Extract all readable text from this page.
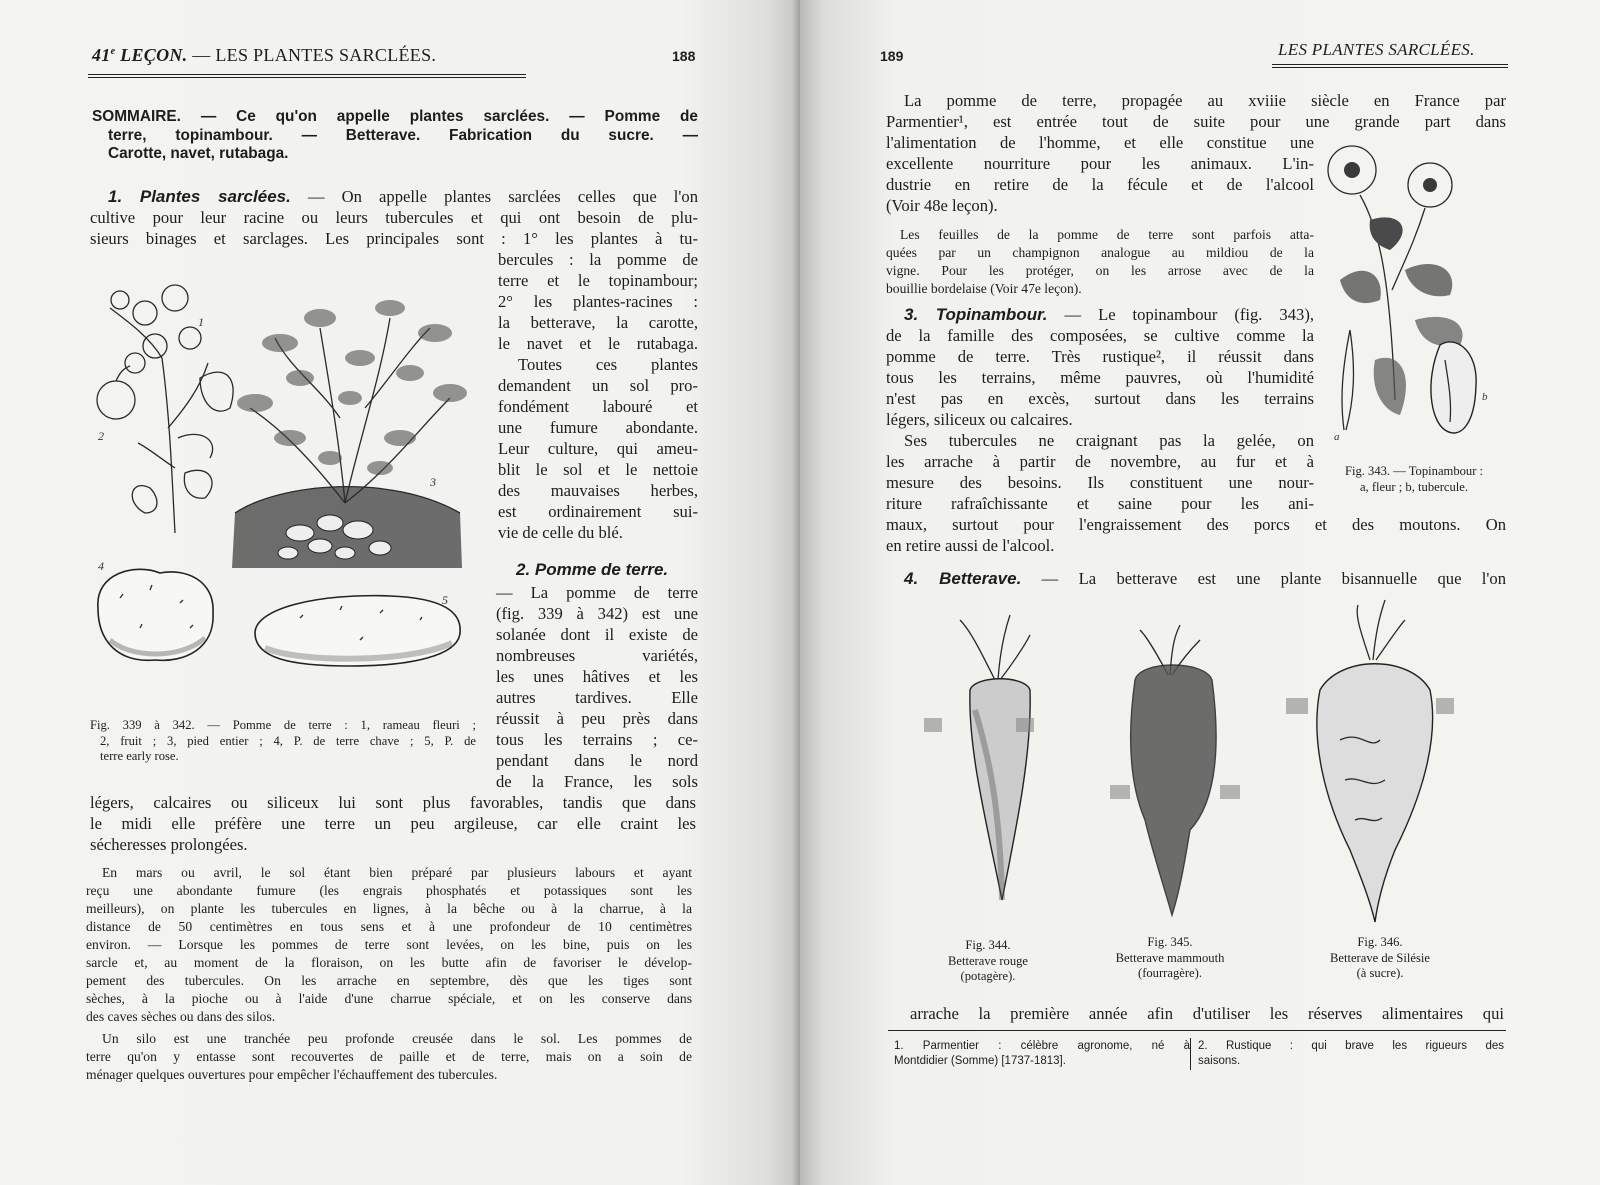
41e LEÇON. — LES PLANTES SARCLÉES.	188
SOMMAIRE. — Ce qu'on appelle plantes sarclées. — Pomme de
terre, topinambour. — Betterave. Fabrication du sucre. —
Carotte, navet, rutabaga.
1. Plantes sarclées. — On appelle plantes sarclées celles que l'on
cultive pour leur racine ou leurs tubercules et qui ont besoin de plu-
sieurs binages et sarclages. Les principales sont : 1° les plantes à tu-
bercules : la pomme de
terre et le topinambour;
2° les plantes-racines :
la betterave, la carotte,
le navet et le rutabaga.
Toutes ces plantes
demandent un sol pro-
fondément labouré et
une fumure abondante.
Leur culture, qui ameu-
blit le sol et le nettoie
des mauvaises herbes,
est ordinairement sui-
vie de celle du blé.
2. Pomme de terre.
— La pomme de terre
(fig. 339 à 342) est une
solanée dont il existe de
nombreuses variétés,
les unes hâtives et les
autres tardives. Elle
réussit à peu près dans
tous les terrains ; ce-
pendant dans le nord
de la France, les sols
légers, calcaires ou siliceux lui sont plus favorables, tandis que dans
le midi elle préfère une terre un peu argileuse, car elle craint les
sécheresses prolongées.
1
2
3
4
5
Fig. 339 à 342. — Pomme de terre : 1, rameau fleuri ;
2, fruit ; 3, pied entier ; 4, P. de terre chave ; 5, P. de
terre early rose.
En mars ou avril, le sol étant bien préparé par plusieurs labours et ayant
reçu une abondante fumure (les engrais phosphatés et potassiques sont les
meilleurs), on plante les tubercules en lignes, à la bêche ou à la charrue, à la
distance de 50 centimètres en tous sens et à une profondeur de 10 centimètres
environ. — Lorsque les pommes de terre sont levées, on les bine, puis on les
sarcle et, au moment de la floraison, on les butte afin de favoriser le dévelop-
pement des tubercules. On les arrache en septembre, dès que les tiges sont
sèches, à la pioche ou à l'aide d'une charrue spéciale, et on les conserve dans
des caves sèches ou dans des silos.
Un silo est une tranchée peu profonde creusée dans le sol. Les pommes de
terre qu'on y entasse sont recouvertes de paille et de terre, mais on a soin de
ménager quelques ouvertures pour empêcher l'échauffement des tubercules.
189	LES PLANTES SARCLÉES.
La pomme de terre, propagée au xviiie siècle en France par
Parmentier¹, est entrée tout de suite pour une grande part dans
l'alimentation de l'homme, et elle constitue une
excellente nourriture pour les animaux. L'in-
dustrie en retire de la fécule et de l'alcool
(Voir 48e leçon).
Les feuilles de la pomme de terre sont parfois atta-
quées par un champignon analogue au mildiou de la
vigne. Pour les protéger, on les arrose avec de la
bouillie bordelaise (Voir 47e leçon).
3. Topinambour. — Le topinambour (fig. 343),
de la famille des composées, se cultive comme la
pomme de terre. Très rustique², il réussit dans
tous les terrains, même pauvres, où l'humidité
n'est pas en excès, surtout dans les terrains
légers, siliceux ou calcaires.
Ses tubercules ne craignant pas la gelée, on
les arrache à partir de novembre, au fur et à
mesure des besoins. Ils constituent une nour-
riture rafraîchissante et saine pour les ani-
maux, surtout pour l'engraissement des porcs et des moutons. On
en retire aussi de l'alcool.
a
b
Fig. 343. — Topinambour :
a, fleur ; b, tubercule.
4. Betterave. — La betterave est une plante bisannuelle que l'on
Fig. 344.
Betterave rouge
(potagère).
Fig. 345.
Betterave mammouth
(fourragère).
Fig. 346.
Betterave de Silésie
(à sucre).
arrache la première année afin d'utiliser les réserves alimentaires qui
1. Parmentier : célèbre agronome, né à
Montdidier (Somme) [1737-1813].
2. Rustique : qui brave les rigueurs des
saisons.
